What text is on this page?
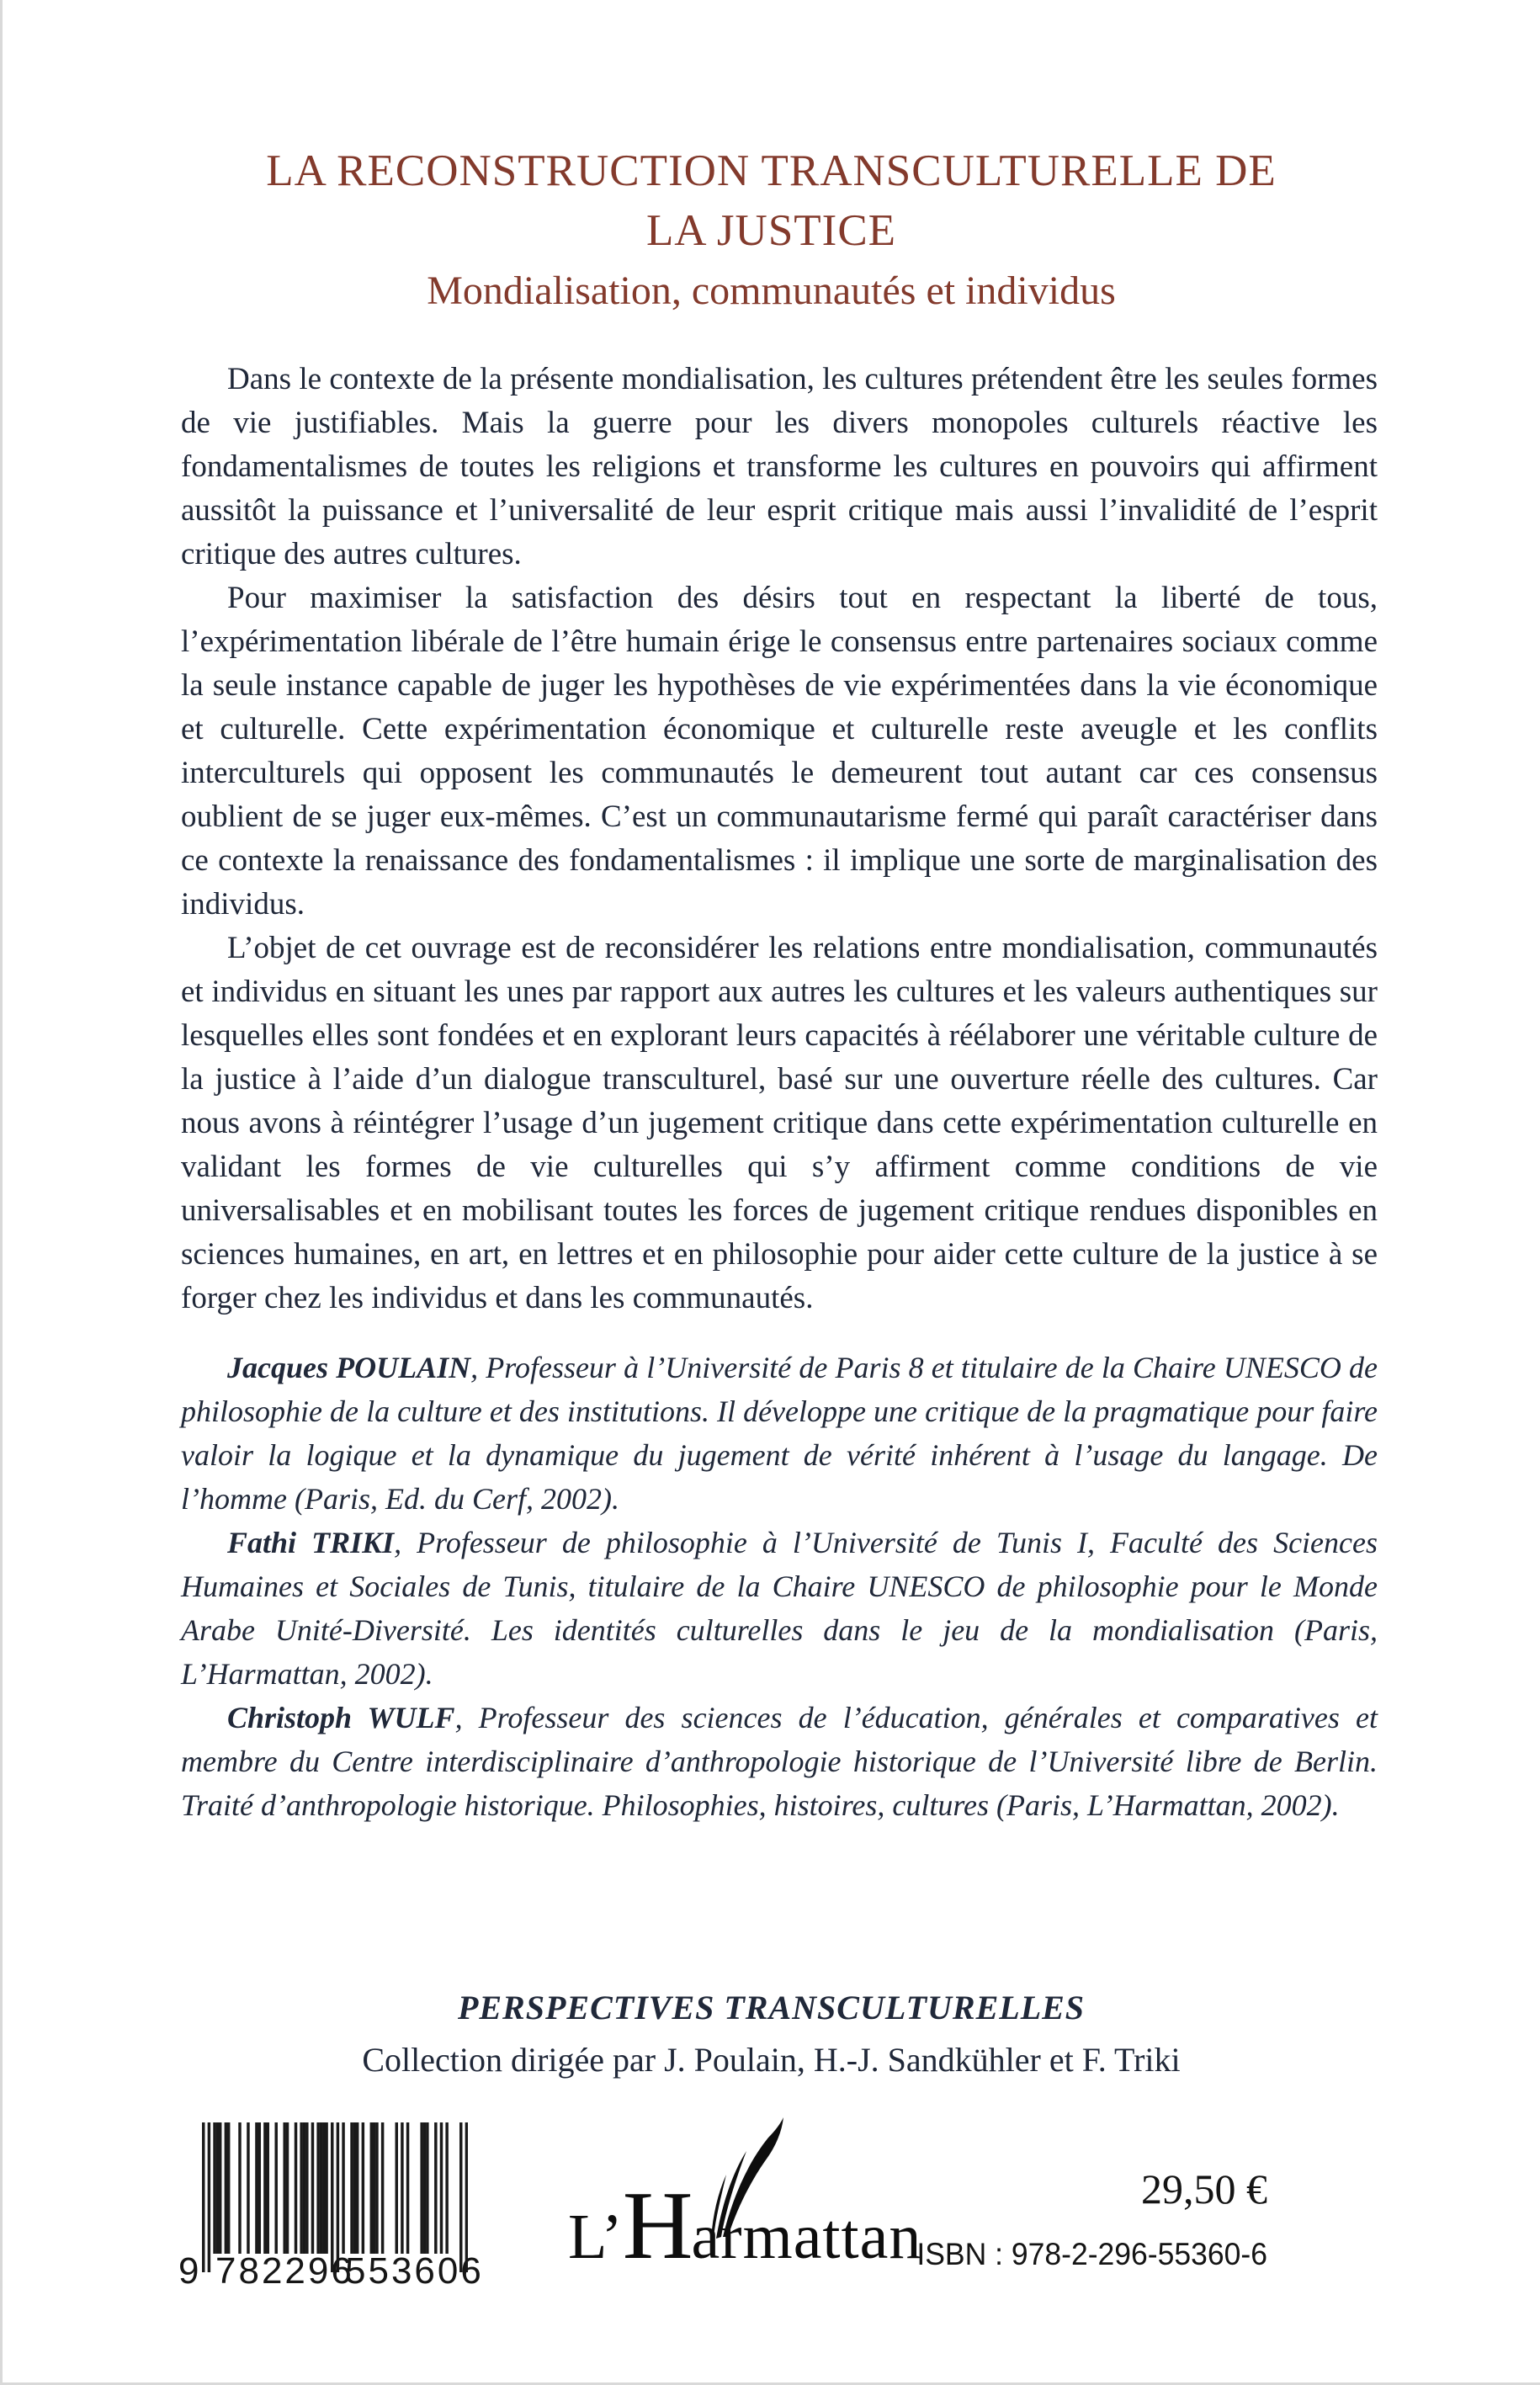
LA RECONSTRUCTION TRANSCULTURELLE DE
LA JUSTICE
Mondialisation, communautés et individus

Dans le contexte de la présente mondialisation, les cultures prétendent être les seules formes de vie justifiables. Mais la guerre pour les divers monopoles culturels réactive les fondamentalismes de toutes les religions et transforme les cultures en pouvoirs qui affirment aussitôt la puissance et l’universalité de leur esprit critique mais aussi l’invalidité de l’esprit critique des autres cultures.

Pour maximiser la satisfaction des désirs tout en respectant la liberté de tous, l’expérimentation libérale de l’être humain érige le consensus entre partenaires sociaux comme la seule instance capable de juger les hypothèses de vie expérimentées dans la vie économique et culturelle. Cette expérimentation économique et culturelle reste aveugle et les conflits interculturels qui opposent les communautés le demeurent tout autant car ces consensus oublient de se juger eux-mêmes. C’est un communautarisme fermé qui paraît caractériser dans ce contexte la renaissance des fondamentalismes : il implique une sorte de marginalisation des individus.

L’objet de cet ouvrage est de reconsidérer les relations entre mondialisation, communautés et individus en situant les unes par rapport aux autres les cultures et les valeurs authentiques sur lesquelles elles sont fondées et en explorant leurs capacités à réélaborer une véritable culture de la justice à l’aide d’un dialogue transculturel, basé sur une ouverture réelle des cultures. Car nous avons à réintégrer l’usage d’un jugement critique dans cette expérimentation culturelle en validant les formes de vie culturelles qui s’y affirment comme conditions de vie universalisables et en mobilisant toutes les forces de jugement critique rendues disponibles en sciences humaines, en art, en lettres et en philosophie pour aider cette culture de la justice à se forger chez les individus et dans les communautés.

Jacques POULAIN, Professeur à l’Université de Paris 8 et titulaire de la Chaire UNESCO de philosophie de la culture et des institutions. Il développe une critique de la pragmatique pour faire valoir la logique et la dynamique du jugement de vérité inhérent à l’usage du langage. De l’homme (Paris, Ed. du Cerf, 2002).

Fathi TRIKI, Professeur de philosophie à l’Université de Tunis I, Faculté des Sciences Humaines et Sociales de Tunis, titulaire de la Chaire UNESCO de philosophie pour le Monde Arabe Unité-Diversité. Les identités culturelles dans le jeu de la mondialisation (Paris, L’Harmattan, 2002).

Christoph WULF, Professeur des sciences de l’éducation, générales et comparatives et membre du Centre interdisciplinaire d’anthropologie historique de l’Université libre de Berlin. Traité d’anthropologie historique. Philosophies, histoires, cultures (Paris, L’Harmattan, 2002).

PERSPECTIVES TRANSCULTURELLES
Collection dirigée par J. Poulain, H.-J. Sandkühler et F. Triki
9 782296
553606 L’Harmattan
29,50 €
ISBN : 978-2-296-55360-6
